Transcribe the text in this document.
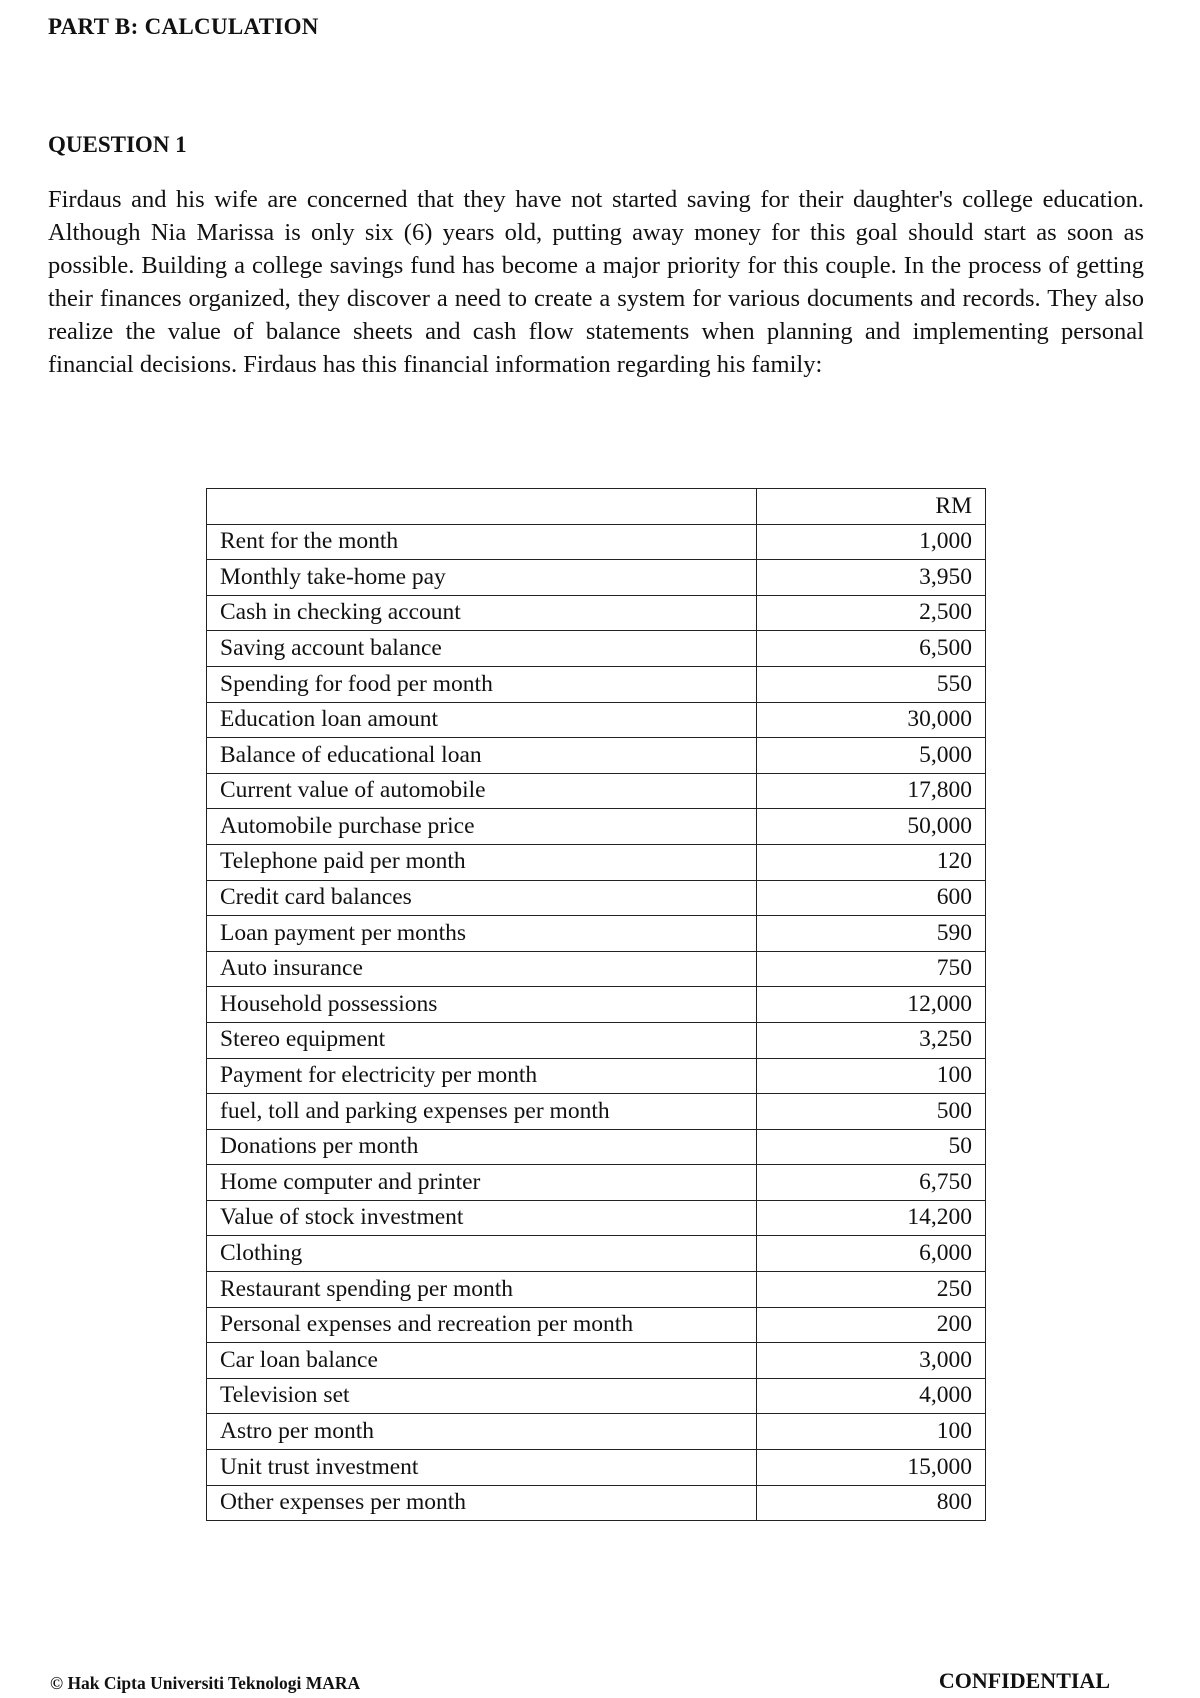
PART B: CALCULATION
QUESTION 1

Firdaus and his wife are concerned that they have not started saving for their daughter's college education. Although Nia Marissa is only six (6) years old, putting away money for this goal should start as soon as possible. Building a college savings fund has become a major priority for this couple. In the process of getting their finances organized, they discover a need to create a system for various documents and records. They also realize the value of balance sheets and cash flow statements when planning and implementing personal financial decisions. Firdaus has this financial information regarding his family:

	RM
Rent for the month	1,000
Monthly take-home pay	3,950
Cash in checking account	2,500
Saving account balance	6,500
Spending for food per month	550
Education loan amount	30,000
Balance of educational loan	5,000
Current value of automobile	17,800
Automobile purchase price	50,000
Telephone paid per month	120
Credit card balances	600
Loan payment per months	590
Auto insurance	750
Household possessions	12,000
Stereo equipment	3,250
Payment for electricity per month	100
fuel, toll and parking expenses per month	500
Donations per month	50
Home computer and printer	6,750
Value of stock investment	14,200
Clothing	6,000
Restaurant spending per month	250
Personal expenses and recreation per month	200
Car loan balance	3,000
Television set	4,000
Astro per month	100
Unit trust investment	15,000
Other expenses per month	800
© Hak Cipta Universiti Teknologi MARA	CONFIDENTIAL
